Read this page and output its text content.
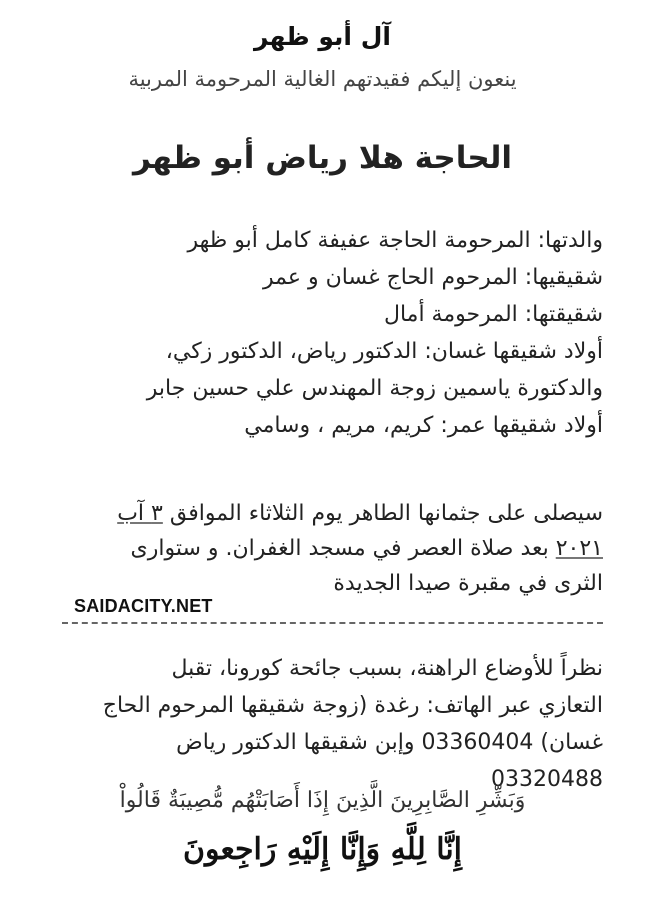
آل أبو ظهر
ينعون إليكم فقيدتهم الغالية المرحومة المربية
الحاجة هلا رياض أبو ظهر
والدتها: المرحومة الحاجة عفيفة كامل أبو ظهر
شقيقيها: المرحوم الحاج غسان و عمر
شقيقتها: المرحومة أمال
أولاد شقيقها غسان: الدكتور رياض، الدكتور زكي،
والدكتورة ياسمين زوجة المهندس علي حسين جابر
أولاد شقيقها عمر: كريم، مريم ، وسامي
سيصلى على جثمانها الطاهر يوم الثلاثاء الموافق ٣ آب
٢٠٢١ بعد صلاة العصر في مسجد الغفران. و ستوارى
الثرى في مقبرة صيدا الجديدة
SAIDACITY.NET
نظراً للأوضاع الراهنة، بسبب جائحة كورونا، تقبل
التعازي عبر الهاتف: رغدة (زوجة شقيقها المرحوم الحاج
غسان) 03360404 وإبن شقيقها الدكتور رياض
03320488
وَبَشِّرِ الصَّابِرِينَ الَّذِينَ إِذَا أَصَابَتْهُم مُّصِيبَةٌ قَالُواْ
إِنَّا لِلَّهِ وَإِنَّا إِلَيْهِ رَاجِعونَ
